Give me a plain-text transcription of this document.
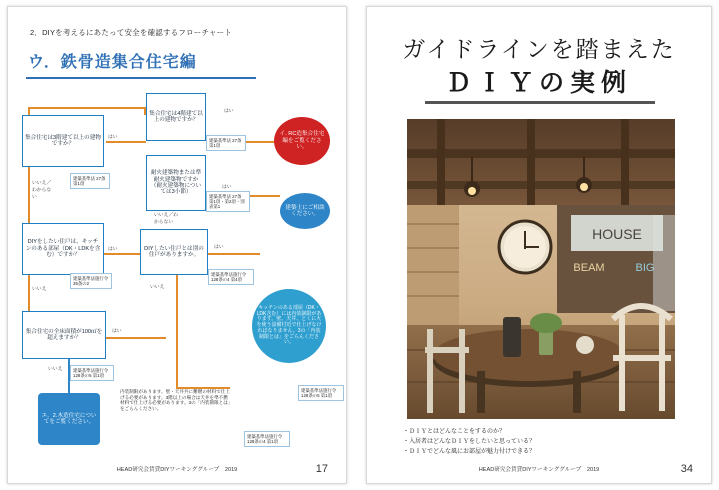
2．DIYを考えるにあたって安全を確認するフローチャート
ウ．鉄骨造集合住宅編
集合住宅は3階建て以上の建物ですか？
集合住宅は4階建て以上の建物ですか？
耐火建築物または準耐火建築物ですか（耐火建築物については3小節）
DIYをしたい住戸は、キッチンのある部屋（DK・LDKを含む）ですか？
DIYしたい住戸とは別の住戸がありますか。
集合住宅の全床面積が100㎡を超えますか？
イ. RC造集合住宅編をご覧ください。
建築士にご相談ください。
キッチンのある部屋（DK・LDK含む）には内装制限があります。壁、天井、とくに火を使う設備付近で仕上げなければなりません。3の「内装制限とは」をごらんください。
内装制限があります。壁・天井共に難燃の材料で仕上げる必要があります。3階以上の場合は天井を準不燃材料で仕上げる必要があります。3の「内装制限とは」をごらんください。
エ．2.木造住宅についてをご覧ください。
はい
はい
はい
いいえ／わからない
いいえ／わからない
はい	はい
いいえ	いいえ
はい
いいえ
建築基準法 27条 第1項
建築基準法 27条 第1項
建築基準法 27条 第1項・第2項・別表第1
建築基準法施行令 35条の2
建築基準法施行令 128条の4 第4項
建築基準法施行令 128条の5 第1項
建築基準法施行令 128条の5 第1項
建築基準法施行令 128条の4 第1項
HEAD研究会賃貸DIYワーキンググループ　2019	17
ガイドラインを踏まえた
ＤＩＹの実例
HOUSE
BEAM	BIG
・ＤＩＹとはどんなことをするのか？
・入居者はどんなＤＩＹをしたいと思っている？
・ＤＩＹでどんな風にお部屋が魅力付けできる？
HEAD研究会賃貸DIYワーキンググループ　2019	34
